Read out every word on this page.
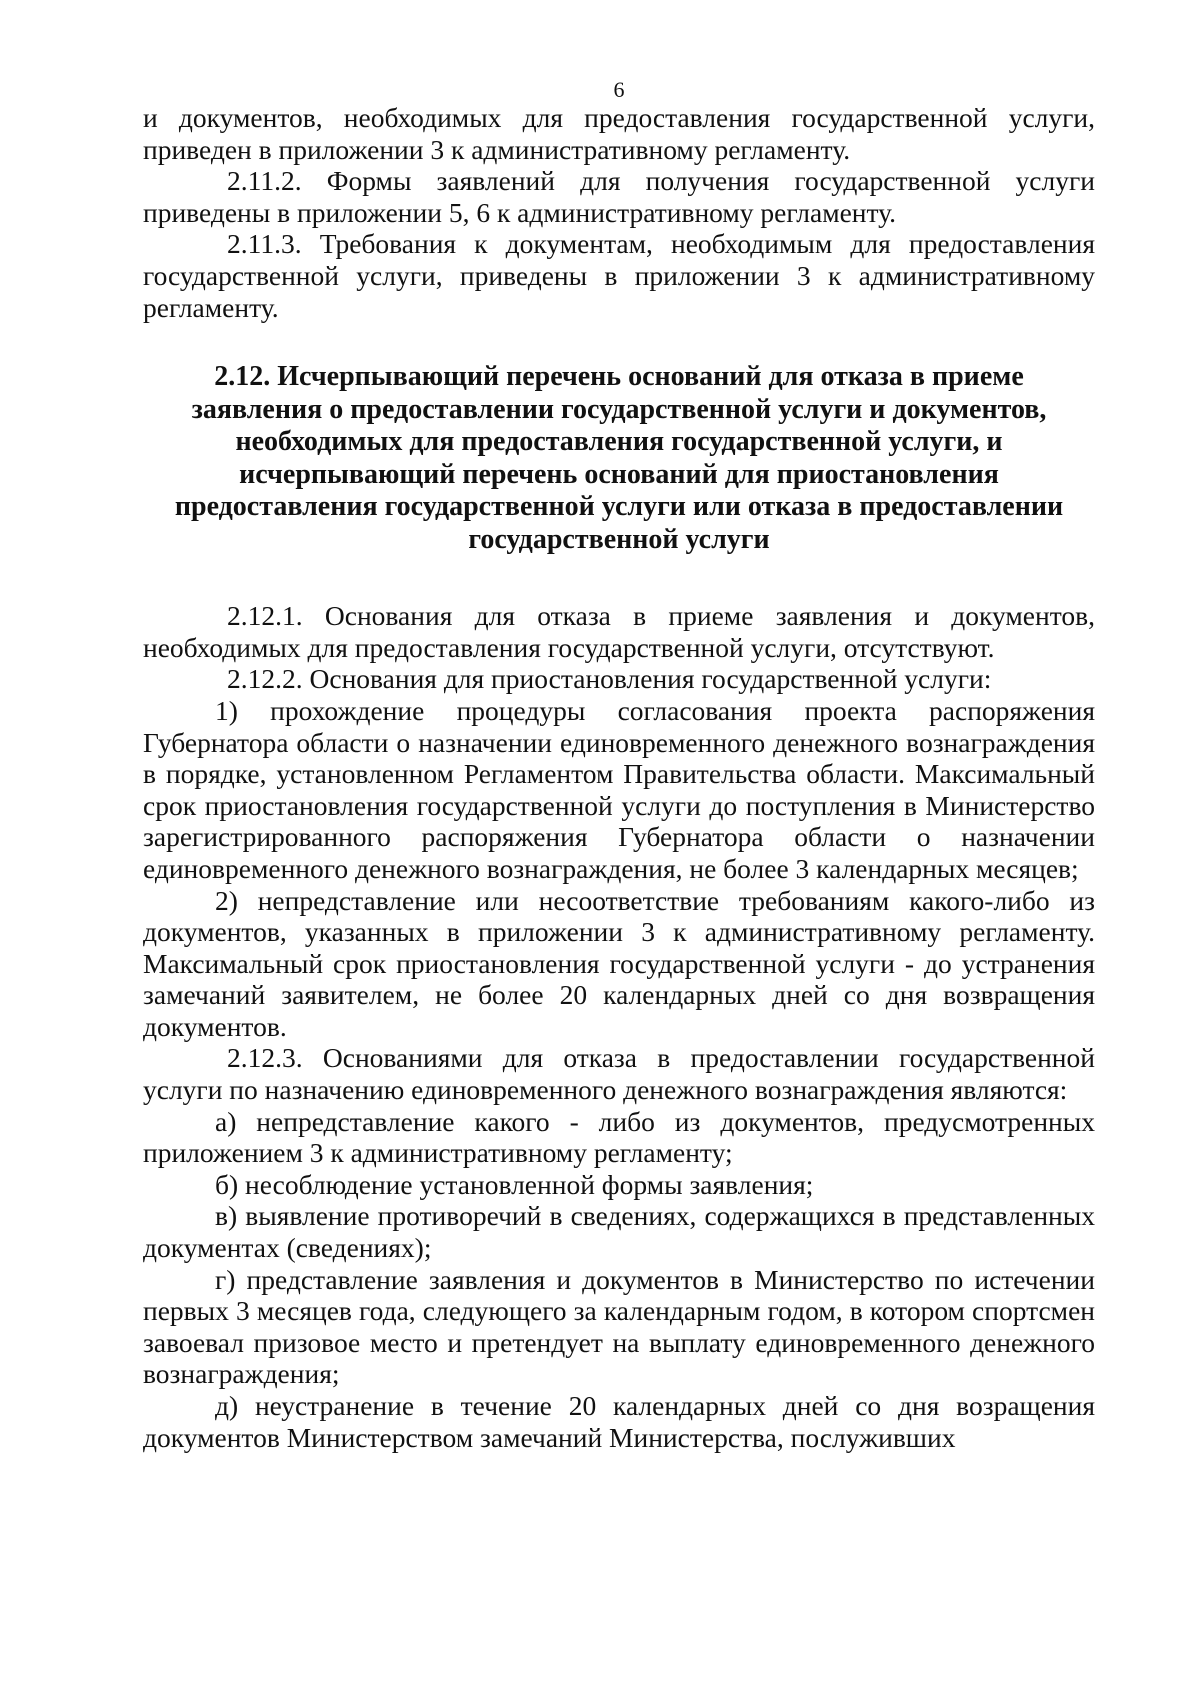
6

и документов, необходимых для предоставления государственной услуги, приведен в приложении 3 к административному регламенту.

2.11.2. Формы заявлений для получения государственной услуги приведены в приложении 5, 6 к административному регламенту.

2.11.3. Требования к документам, необходимым для предоставления государственной услуги, приведены в приложении 3 к административному регламенту.

2.12. Исчерпывающий перечень оснований для отказа в приеме заявления о предоставлении государственной услуги и документов, необходимых для предоставления государственной услуги, и исчерпывающий перечень оснований для приостановления предоставления государственной услуги или отказа в предоставлении государственной услуги

2.12.1. Основания для отказа в приеме заявления и документов, необходимых для предоставления государственной услуги, отсутствуют.

2.12.2. Основания для приостановления государственной услуги:

1) прохождение процедуры согласования проекта распоряжения Губернатора области о назначении единовременного денежного вознаграждения в порядке, установленном Регламентом Правительства области. Максимальный срок приостановления государственной услуги до поступления в Министерство зарегистрированного распоряжения Губернатора области о назначении единовременного денежного вознаграждения, не более 3 календарных месяцев;

2) непредставление или несоответствие требованиям какого-либо из документов, указанных в приложении 3 к административному регламенту. Максимальный срок приостановления государственной услуги - до устранения замечаний заявителем, не более 20 календарных дней со дня возвращения документов.

2.12.3. Основаниями для отказа в предоставлении государственной услуги по назначению единовременного денежного вознаграждения являются:

а) непредставление какого - либо из документов, предусмотренных приложением 3 к административному регламенту;

б) несоблюдение установленной формы заявления;

в) выявление противоречий в сведениях, содержащихся в представленных документах (сведениях);

г) представление заявления и документов в Министерство по истечении первых 3 месяцев года, следующего за календарным годом, в котором спортсмен завоевал призовое место и претендует на выплату единовременного денежного вознаграждения;

д) неустранение в течение 20 календарных дней со дня возращения документов Министерством замечаний Министерства, послуживших
